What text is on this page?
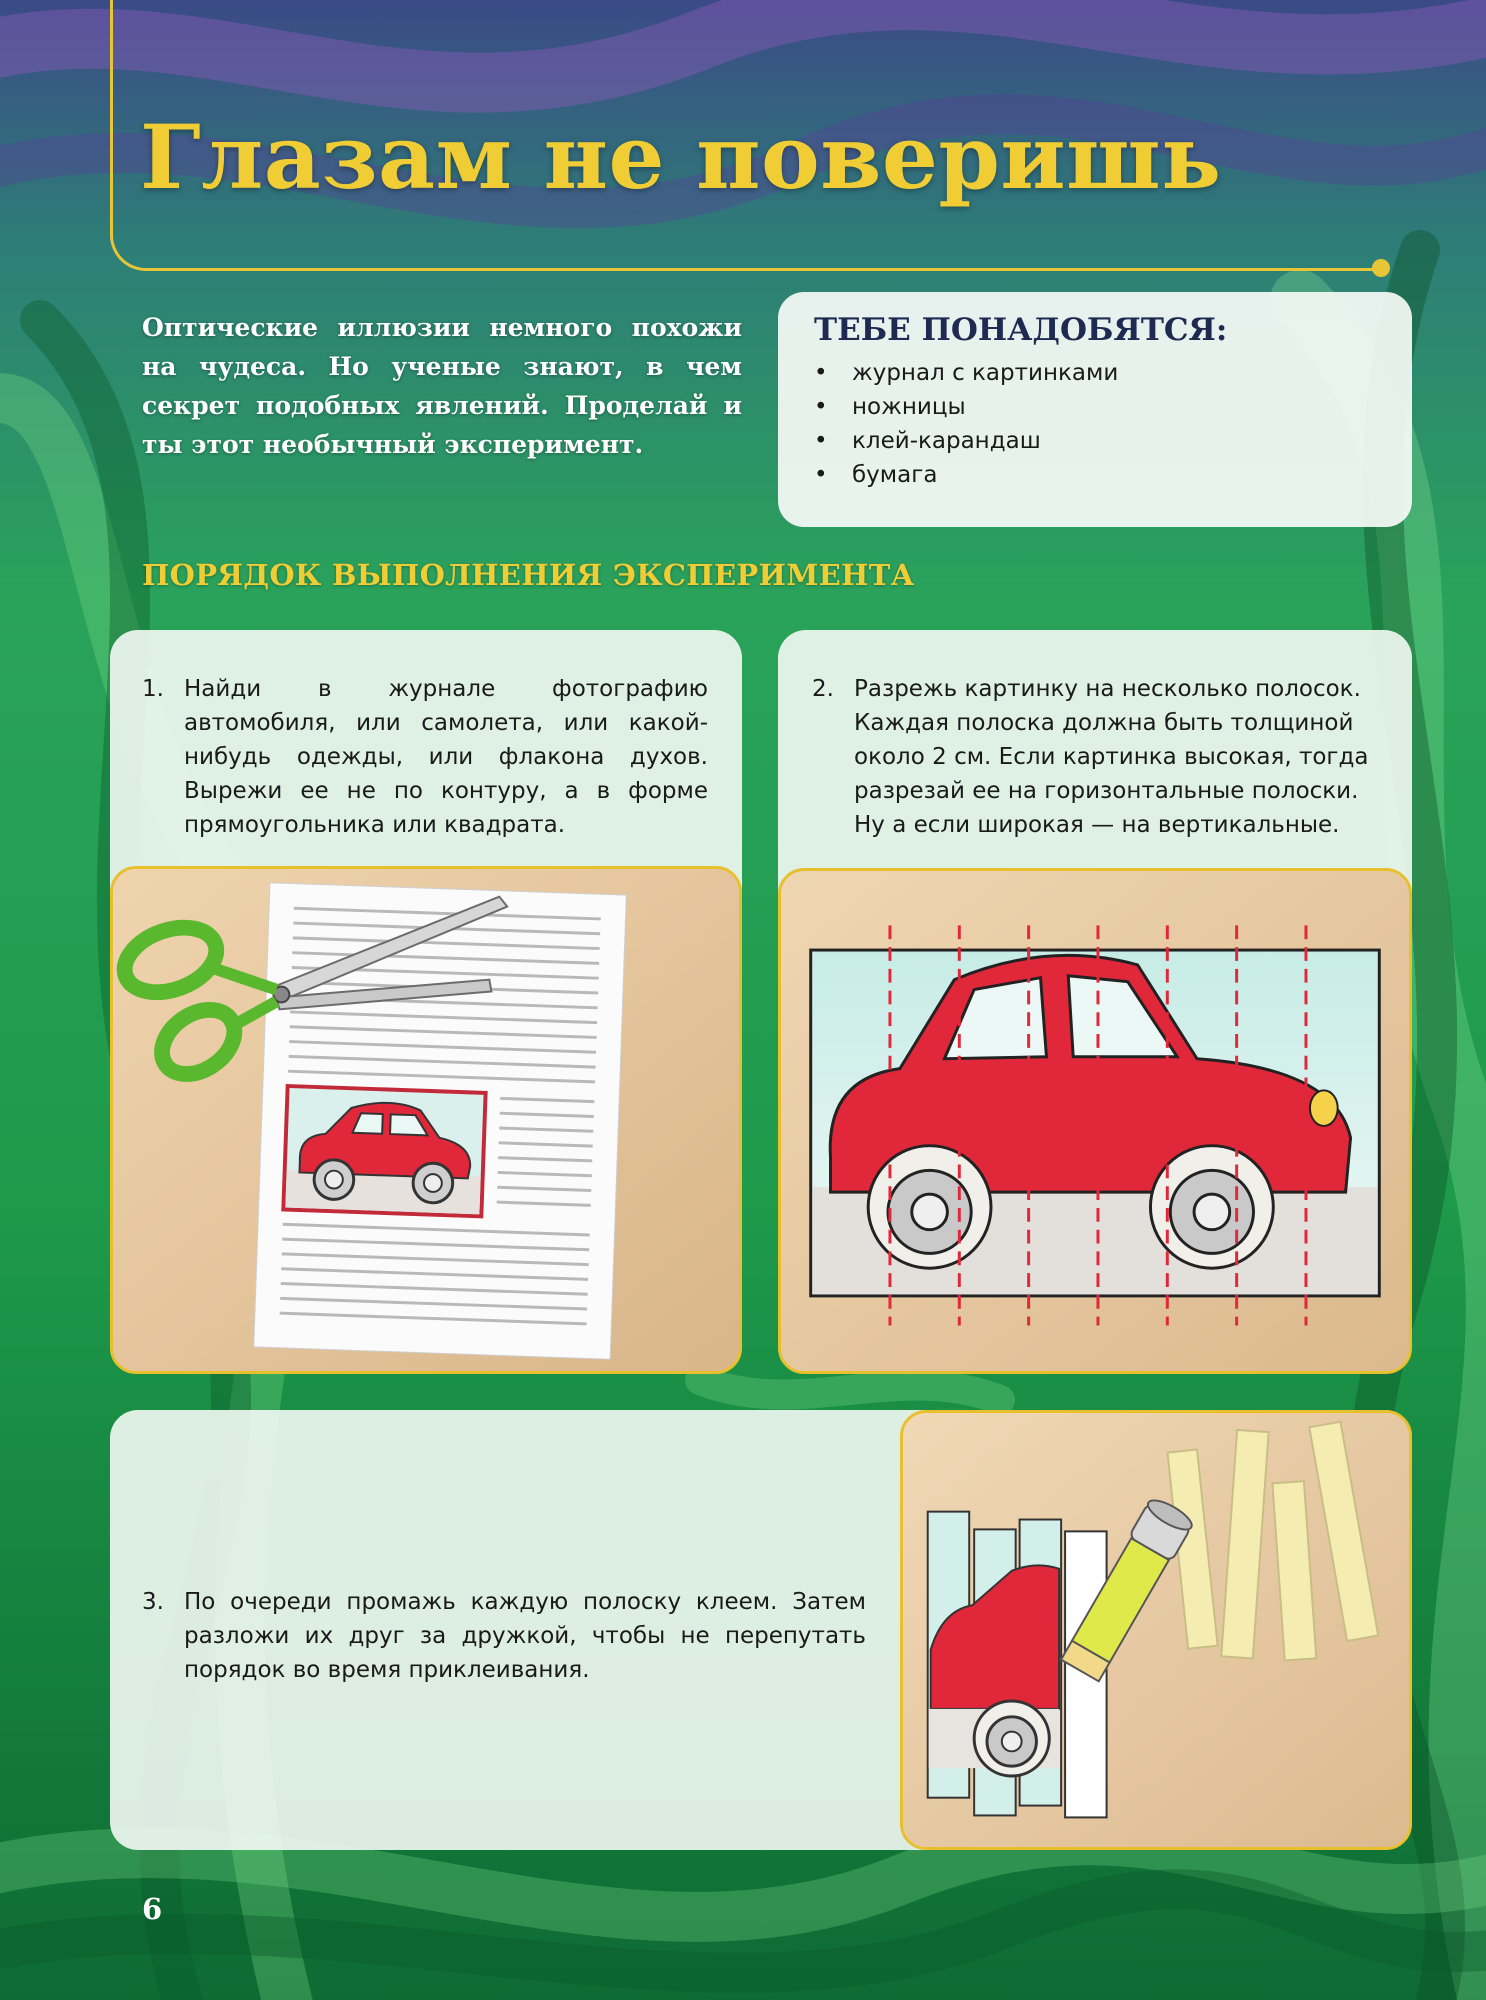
Глазам не поверишь

Оптические иллюзии немного похожи на чудеса. Но ученые знают, в чем секрет подобных явлений. Проделай и ты этот необычный эксперимент.

ТЕБЕ ПОНАДОБЯТСЯ:
•	журнал с картинками
•	ножницы
•	клей-карандаш
•	бумага
ПОРЯДОК ВЫПОЛНЕНИЯ ЭКСПЕРИМЕНТА

1. Найди в журнале фотографию автомобиля, или самолета, или какой-нибудь одежды, или флакона духов. Вырежи ее не по контуру, а в форме прямоугольника или квадрата.

2. Разрежь картинку на несколько полосок. Каждая полоска должна быть толщиной около 2 см. Если картинка высокая, тогда разрезай ее на горизонтальные полоски. Ну а если широкая — на вертикальные.

3. По очереди промажь каждую полоску клеем. Затем разложи их друг за дружкой, чтобы не перепутать порядок во время приклеивания.

6
